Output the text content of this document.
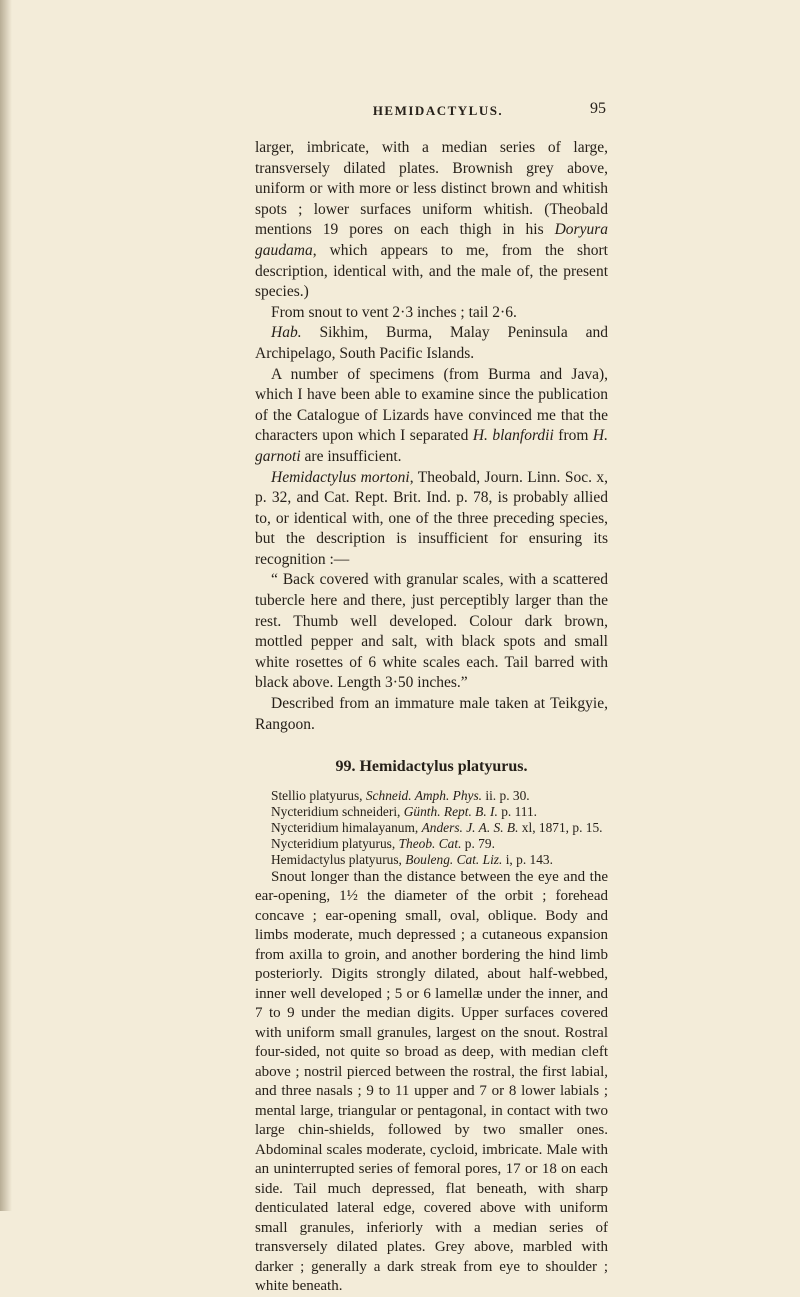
HEMIDACTYLUS.	95

larger, imbricate, with a median series of large, transversely dilated plates. Brownish grey above, uniform or with more or less distinct brown and whitish spots ; lower surfaces uniform whitish. (Theobald mentions 19 pores on each thigh in his Doryura gaudama, which appears to me, from the short description, identical with, and the male of, the present species.)

From snout to vent 2·3 inches ; tail 2·6.

Hab. Sikhim, Burma, Malay Peninsula and Archipelago, South Pacific Islands.

A number of specimens (from Burma and Java), which I have been able to examine since the publication of the Catalogue of Lizards have convinced me that the characters upon which I separated H. blanfordii from H. garnoti are insufficient.

Hemidactylus mortoni, Theobald, Journ. Linn. Soc. x, p. 32, and Cat. Rept. Brit. Ind. p. 78, is probably allied to, or identical with, one of the three preceding species, but the description is insufficient for ensuring its recognition :—

“ Back covered with granular scales, with a scattered tubercle here and there, just perceptibly larger than the rest. Thumb well developed. Colour dark brown, mottled pepper and salt, with black spots and small white rosettes of 6 white scales each. Tail barred with black above. Length 3·50 inches.”

Described from an immature male taken at Teikgyie, Rangoon.

99. Hemidactylus platyurus.

Stellio platyurus, Schneid. Amph. Phys. ii. p. 30.

Nycteridium schneideri, Günth. Rept. B. I. p. 111.

Nycteridium himalayanum, Anders. J. A. S. B. xl, 1871, p. 15.

Nycteridium platyurus, Theob. Cat. p. 79.

Hemidactylus platyurus, Bouleng. Cat. Liz. i, p. 143.

Snout longer than the distance between the eye and the ear-opening, 1½ the diameter of the orbit ; forehead concave ; ear-opening small, oval, oblique. Body and limbs moderate, much depressed ; a cutaneous expansion from axilla to groin, and another bordering the hind limb posteriorly. Digits strongly dilated, about half-webbed, inner well developed ; 5 or 6 lamellæ under the inner, and 7 to 9 under the median digits. Upper surfaces covered with uniform small granules, largest on the snout. Rostral four-sided, not quite so broad as deep, with median cleft above ; nostril pierced between the rostral, the first labial, and three nasals ; 9 to 11 upper and 7 or 8 lower labials ; mental large, triangular or pentagonal, in contact with two large chin-shields, followed by two smaller ones. Abdominal scales moderate, cycloid, imbricate. Male with an uninterrupted series of femoral pores, 17 or 18 on each side. Tail much depressed, flat beneath, with sharp denticulated lateral edge, covered above with uniform small granules, inferiorly with a median series of transversely dilated plates. Grey above, marbled with darker ; generally a dark streak from eye to shoulder ; white beneath.
